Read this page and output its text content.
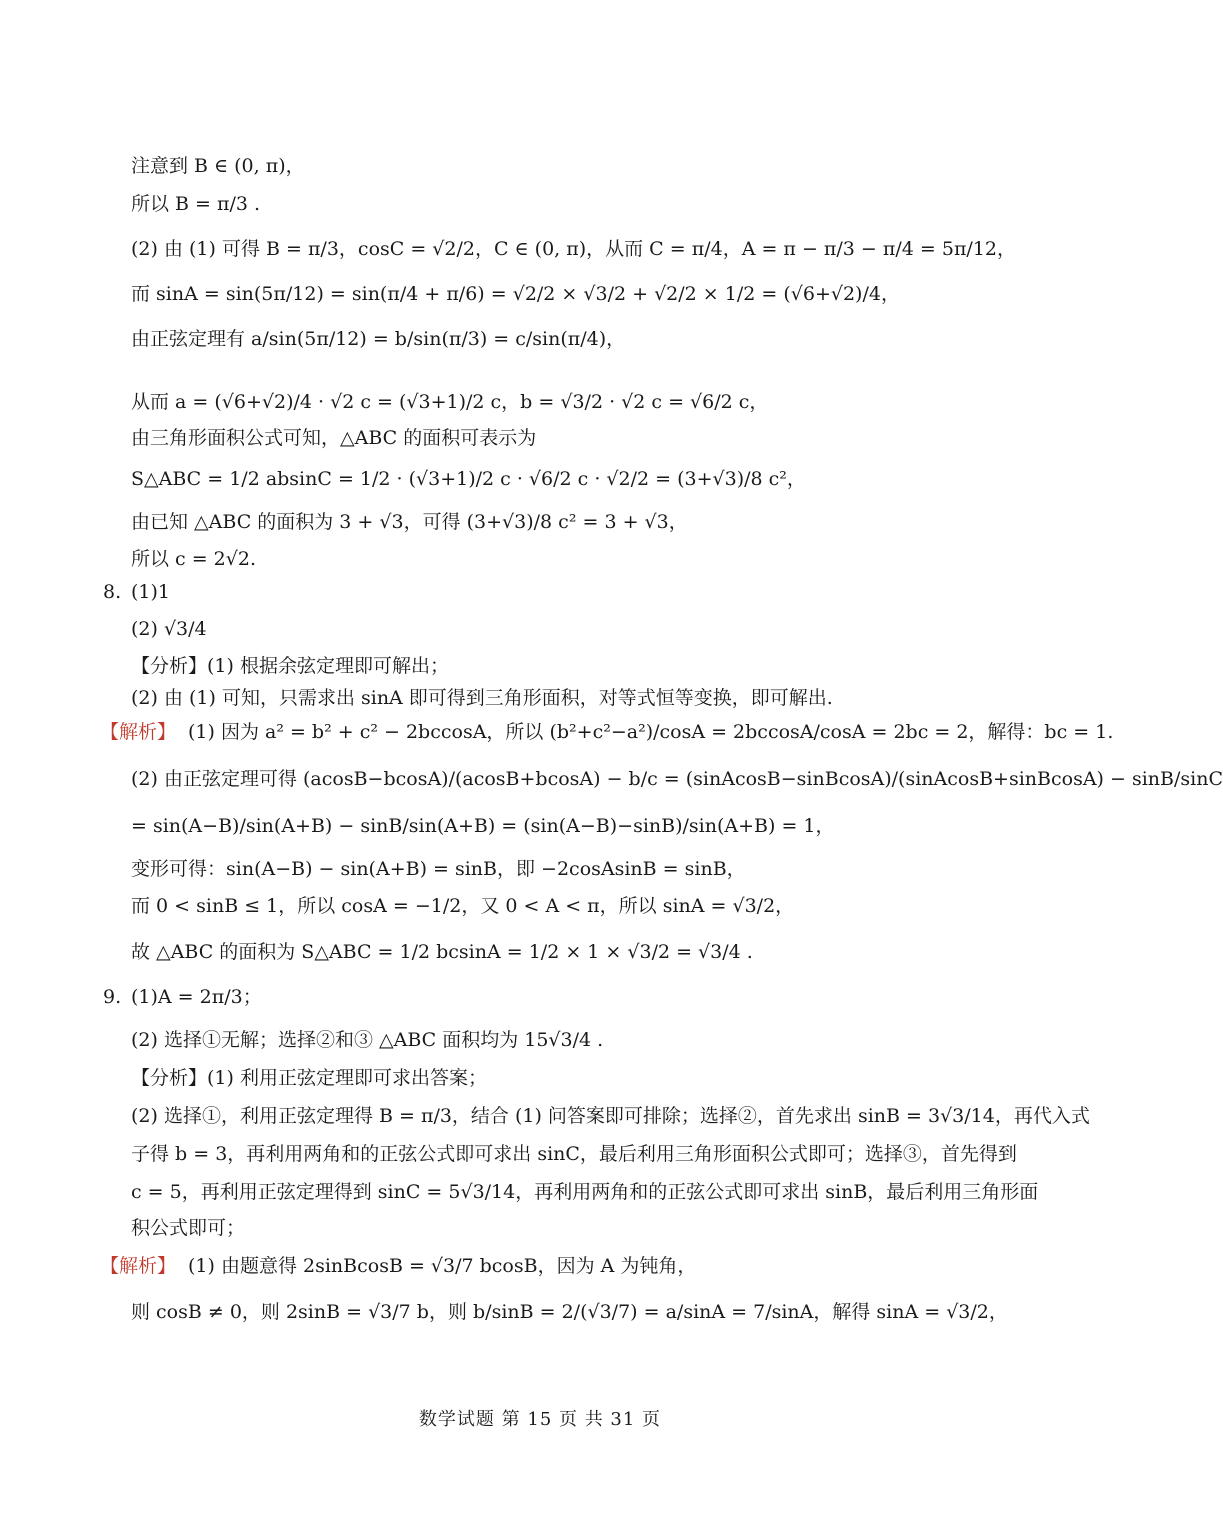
注意到 B ∈ (0, π)，
所以 B = π/3 .
(2) 由 (1) 可得 B = π/3，cosC = √2/2，C ∈ (0, π)，从而 C = π/4，A = π − π/3 − π/4 = 5π/12，
而 sinA = sin(5π/12) = sin(π/4 + π/6) = √2/2 × √3/2 + √2/2 × 1/2 = (√6+√2)/4，
由正弦定理有 a/sin(5π/12) = b/sin(π/3) = c/sin(π/4)，
从而 a = (√6+√2)/4 · √2 c = (√3+1)/2 c，b = √3/2 · √2 c = √6/2 c，
由三角形面积公式可知，△ABC 的面积可表示为
S△ABC = 1/2 absinC = 1/2 · (√3+1)/2 c · √6/2 c · √2/2 = (3+√3)/8 c²，
由已知 △ABC 的面积为 3 + √3，可得 (3+√3)/8 c² = 3 + √3，
所以 c = 2√2.
8. (1)1
(2) √3/4
【分析】(1) 根据余弦定理即可解出；
(2) 由 (1) 可知，只需求出 sinA 即可得到三角形面积，对等式恒等变换，即可解出.
【解析】 (1) 因为 a² = b² + c² − 2bccosA，所以 (b²+c²−a²)/cosA = 2bccosA/cosA = 2bc = 2，解得：bc = 1.
(2) 由正弦定理可得 (acosB−bcosA)/(acosB+bcosA) − b/c = (sinAcosB−sinBcosA)/(sinAcosB+sinBcosA) − sinB/sinC
= sin(A−B)/sin(A+B) − sinB/sin(A+B) = (sin(A−B)−sinB)/sin(A+B) = 1，
变形可得：sin(A−B) − sin(A+B) = sinB，即 −2cosAsinB = sinB，
而 0 < sinB ≤ 1，所以 cosA = −1/2，又 0 < A < π，所以 sinA = √3/2，
故 △ABC 的面积为 S△ABC = 1/2 bcsinA = 1/2 × 1 × √3/2 = √3/4 .
9. (1)A = 2π/3；
(2) 选择①无解；选择②和③ △ABC 面积均为 15√3/4 .
【分析】(1) 利用正弦定理即可求出答案；
(2) 选择①，利用正弦定理得 B = π/3，结合 (1) 问答案即可排除；选择②，首先求出 sinB = 3√3/14，再代入式
子得 b = 3，再利用两角和的正弦公式即可求出 sinC，最后利用三角形面积公式即可；选择③，首先得到
c = 5，再利用正弦定理得到 sinC = 5√3/14，再利用两角和的正弦公式即可求出 sinB，最后利用三角形面
积公式即可；
【解析】 (1) 由题意得 2sinBcosB = √3/7 bcosB，因为 A 为钝角，
则 cosB ≠ 0，则 2sinB = √3/7 b，则 b/sinB = 2/(√3/7) = a/sinA = 7/sinA，解得 sinA = √3/2，
数学试题 第 15 页 共 31 页
